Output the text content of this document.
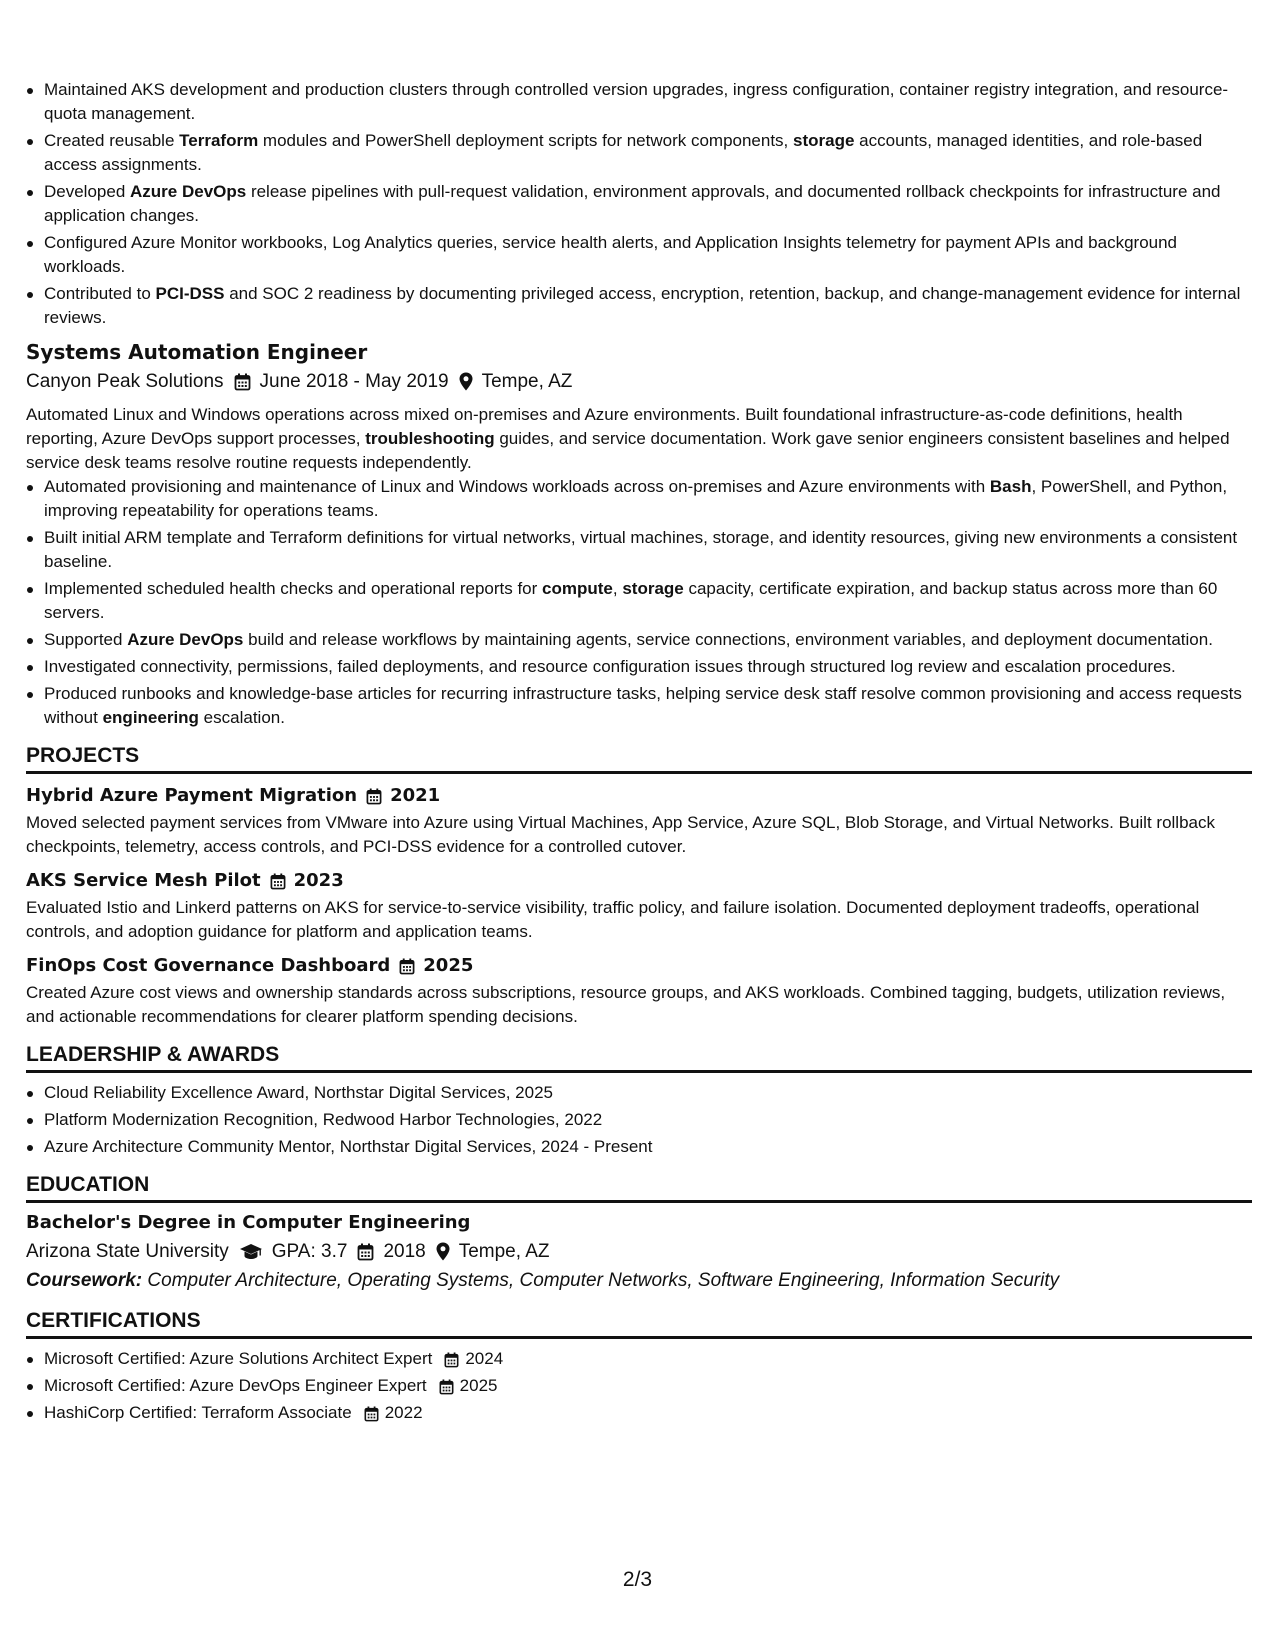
Maintained AKS development and production clusters through controlled version upgrades, ingress configuration, container registry integration, and resource-quota management.
Created reusable Terraform modules and PowerShell deployment scripts for network components, storage accounts, managed identities, and role-based access assignments.
Developed Azure DevOps release pipelines with pull-request validation, environment approvals, and documented rollback checkpoints for infrastructure and application changes.
Configured Azure Monitor workbooks, Log Analytics queries, service health alerts, and Application Insights telemetry for payment APIs and background workloads.
Contributed to PCI-DSS and SOC 2 readiness by documenting privileged access, encryption, retention, backup, and change-management evidence for internal reviews.
Systems Automation Engineer
Canyon Peak Solutions June 2018 - May 2019 Tempe, AZ
Automated Linux and Windows operations across mixed on-premises and Azure environments. Built foundational infrastructure-as-code definitions, health reporting, Azure DevOps support processes, troubleshooting guides, and service documentation. Work gave senior engineers consistent baselines and helped service desk teams resolve routine requests independently.
Automated provisioning and maintenance of Linux and Windows workloads across on-premises and Azure environments with Bash, PowerShell, and Python, improving repeatability for operations teams.
Built initial ARM template and Terraform definitions for virtual networks, virtual machines, storage, and identity resources, giving new environments a consistent baseline.
Implemented scheduled health checks and operational reports for compute, storage capacity, certificate expiration, and backup status across more than 60 servers.
Supported Azure DevOps build and release workflows by maintaining agents, service connections, environment variables, and deployment documentation.
Investigated connectivity, permissions, failed deployments, and resource configuration issues through structured log review and escalation procedures.
Produced runbooks and knowledge-base articles for recurring infrastructure tasks, helping service desk staff resolve common provisioning and access requests without engineering escalation.
PROJECTS
Hybrid Azure Payment Migration 2021
Moved selected payment services from VMware into Azure using Virtual Machines, App Service, Azure SQL, Blob Storage, and Virtual Networks. Built rollback checkpoints, telemetry, access controls, and PCI-DSS evidence for a controlled cutover.
AKS Service Mesh Pilot 2023
Evaluated Istio and Linkerd patterns on AKS for service-to-service visibility, traffic policy, and failure isolation. Documented deployment tradeoffs, operational controls, and adoption guidance for platform and application teams.
FinOps Cost Governance Dashboard 2025
Created Azure cost views and ownership standards across subscriptions, resource groups, and AKS workloads. Combined tagging, budgets, utilization reviews, and actionable recommendations for clearer platform spending decisions.
LEADERSHIP & AWARDS
Cloud Reliability Excellence Award, Northstar Digital Services, 2025
Platform Modernization Recognition, Redwood Harbor Technologies, 2022
Azure Architecture Community Mentor, Northstar Digital Services, 2024 - Present
EDUCATION
Bachelor's Degree in Computer Engineering
Arizona State University GPA: 3.7 2018 Tempe, AZ
Coursework: Computer Architecture, Operating Systems, Computer Networks, Software Engineering, Information Security
CERTIFICATIONS
Microsoft Certified: Azure Solutions Architect Expert 2024
Microsoft Certified: Azure DevOps Engineer Expert 2025
HashiCorp Certified: Terraform Associate 2022
2/3
